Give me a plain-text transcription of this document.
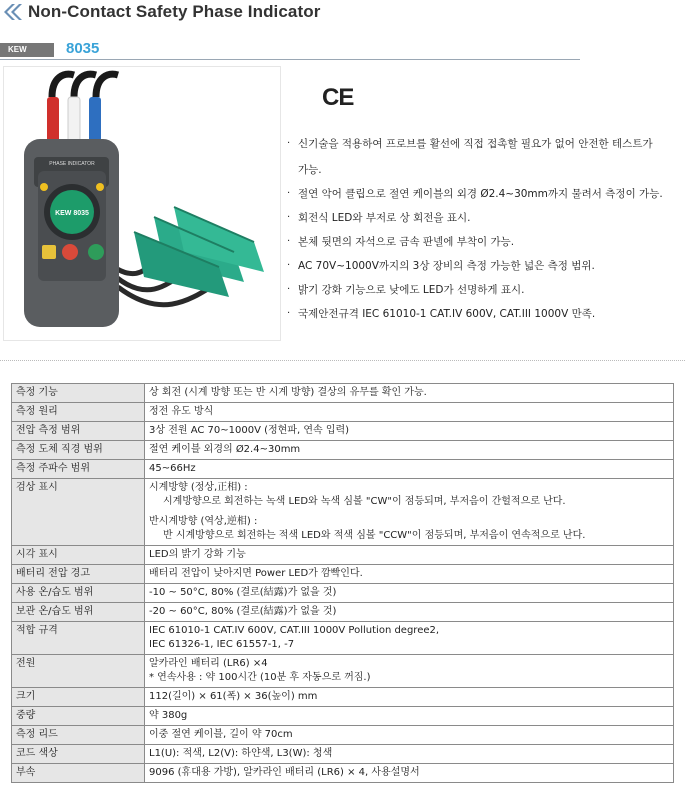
Non-Contact Safety Phase Indicator
KEW	8035
KEW 8035
PHASE INDICATOR
CE
· 신기술을 적용하여 프로브를 활선에 직접 접촉할 필요가 없어 안전한 테스트가
가능.
· 절연 악어 클립으로 절연 케이블의 외경 Ø2.4~30mm까지 물려서 측정이 가능.
· 회전식 LED와 부저로 상 회전을 표시.
· 본체 뒷면의 자석으로 금속 판넬에 부착이 가능.
· AC 70V~1000V까지의 3상 장비의 측정 가능한 넓은 측정 범위.
· 밝기 강화 기능으로 낮에도 LED가 선명하게 표시.
· 국제안전규격 IEC 61010-1 CAT.IV 600V, CAT.III 1000V 만족.
측정 기능	상 회전 (시계 방향 또는 반 시계 방향) 결상의 유무를 확인 가능.
측정 원리	정전 유도 방식
전압 측정 범위	3상 전원 AC 70~1000V (정현파, 연속 입력)
측정 도체 직경 범위	절연 케이블 외경의 Ø2.4~30mm
측정 주파수 범위	45~66Hz
검상 표시	시계방향 (정상,正相) :
시계방향으로 회전하는 녹색 LED와 녹색 심볼 "CW"이 점등되며, 부저음이 간헐적으로 난다.
반시계방향 (역상,逆相) :
반 시계방향으로 회전하는 적색 LED와 적색 심볼 "CCW"이 점등되며, 부저음이 연속적으로 난다.

시각 표시	LED의 밝기 강화 기능
배터리 전압 경고	배터리 전압이 낮아지면 Power LED가 깜빡인다.
사용 온/습도 범위	-10 ~ 50°C, 80% (결로(結露)가 없을 것)
보관 온/습도 범위	-20 ~ 60°C, 80% (결로(結露)가 없을 것)
적합 규격	IEC 61010-1 CAT.IV 600V, CAT.III 1000V Pollution degree2,
IEC 61326-1, IEC 61557-1, -7

전원	알카라인 배터리 (LR6) ×4
* 연속사용 : 약 100시간 (10분 후 자동으로 꺼짐.)

크기	112(길이) × 61(폭) × 36(높이) mm
중량	약 380g
측정 리드	이중 절연 케이블, 길이 약 70cm
코드 색상	L1(U): 적색, L2(V): 하얀색, L3(W): 청색
부속	9096 (휴대용 가방), 알카라인 배터리 (LR6) × 4, 사용설명서
